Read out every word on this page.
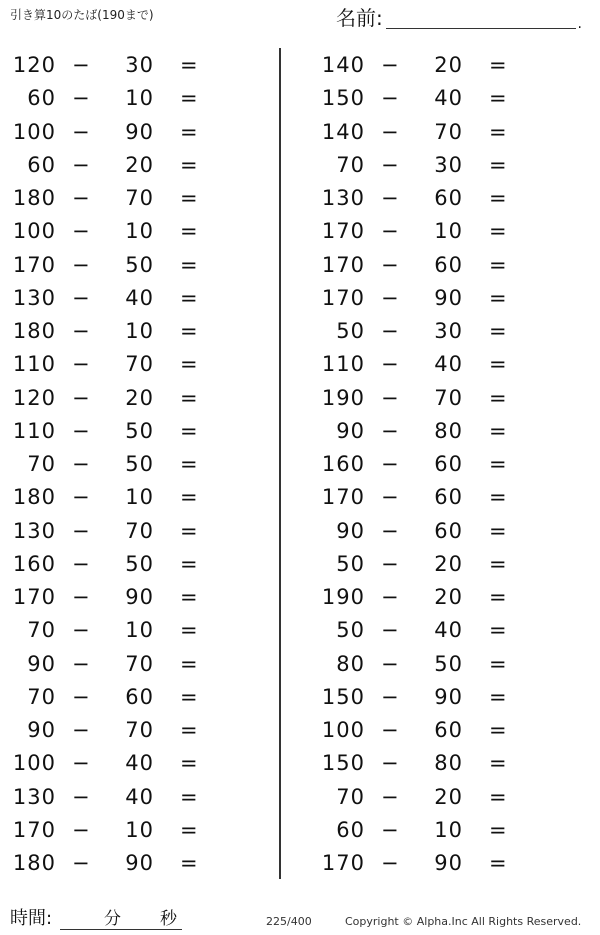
引き算10のたば(190まで)	名前:	.
120 −	30 =
60 −	10 =
100 −	90 =
60 −	20 =
180 −	70 =
100 −	10 =
170 −	50 =
130 −	40 =
180 −	10 =
110 −	70 =
120 −	20 =
110 −	50 =
70 −	50 =
180 −	10 =
130 −	70 =
160 −	50 =
170 −	90 =
70 −	10 =
90 −	70 =
70 −	60 =
90 −	70 =
100 −	40 =
130 −	40 =
170 −	10 =
180 −	90 =
140 −	20 =
150 −	40 =
140 −	70 =
70 −	30 =
130 −	60 =
170 −	10 =
170 −	60 =
170 −	90 =
50 −	30 =
110 −	40 =
190 −	70 =
90 −	80 =
160 −	60 =
170 −	60 =
90 −	60 =
50 −	20 =
190 −	20 =
50 −	40 =
80 −	50 =
150 −	90 =
100 −	60 =
150 −	80 =
70 −	20 =
60 −	10 =
170 −	90 =
時間:	分 秒	225/400	Copyright © Alpha.Inc All Rights Reserved.
